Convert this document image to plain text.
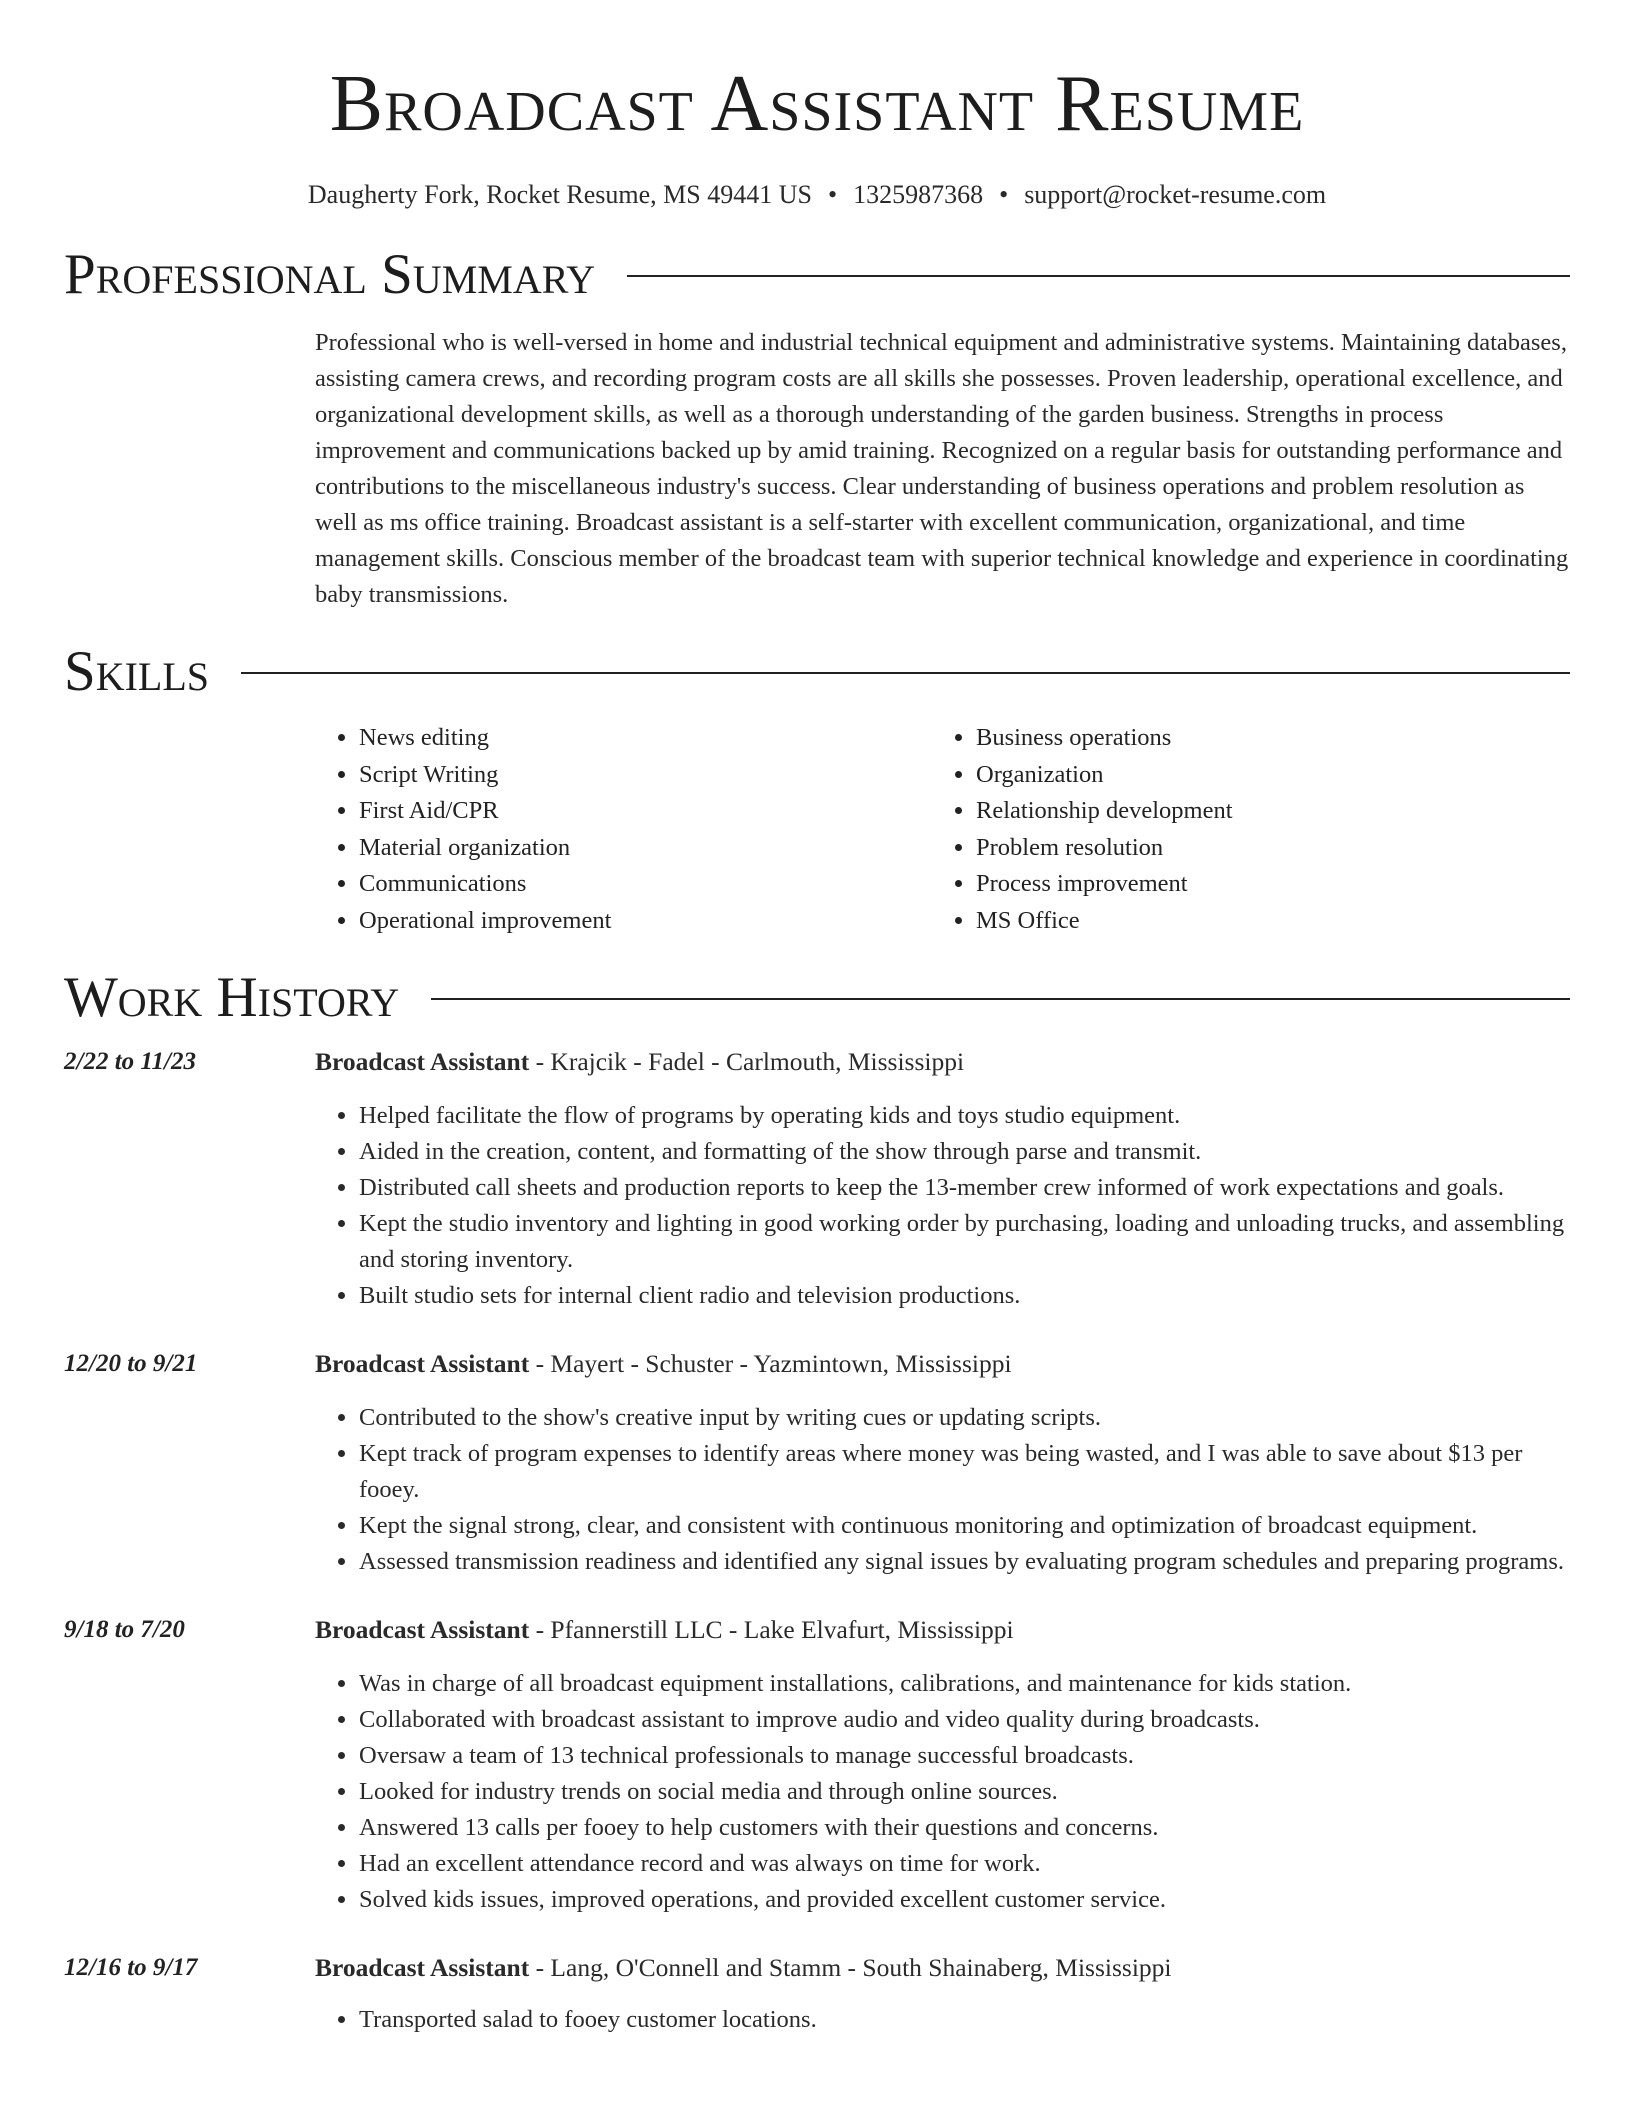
Broadcast Assistant Resume
Daugherty Fork, Rocket Resume, MS 49441 US • 1325987368 • support@rocket-resume.com
Professional Summary

Professional who is well-versed in home and industrial technical equipment and administrative systems. Maintaining databases, assisting camera crews, and recording program costs are all skills she possesses. Proven leadership, operational excellence, and organizational development skills, as well as a thorough understanding of the garden business. Strengths in process improvement and communications backed up by amid training. Recognized on a regular basis for outstanding performance and contributions to the miscellaneous industry's success. Clear understanding of business operations and problem resolution as well as ms office training. Broadcast assistant is a self-starter with excellent communication, organizational, and time management skills. Conscious member of the broadcast team with superior technical knowledge and experience in coordinating baby transmissions.

Skills
• News editing
• Script Writing
• First Aid/CPR
• Material organization
• Communications
• Operational improvement
• Business operations
• Organization
• Relationship development
• Problem resolution
• Process improvement
• MS Office
Work History
2/22 to 11/23	Broadcast Assistant - Krajcik - Fadel - Carlmouth, Mississippi
• Helped facilitate the flow of programs by operating kids and toys studio equipment.
• Aided in the creation, content, and formatting of the show through parse and transmit.
• Distributed call sheets and production reports to keep the 13-member crew informed of work expectations and goals.
• Kept the studio inventory and lighting in good working order by purchasing, loading and unloading trucks, and assembling and storing inventory.
• Built studio sets for internal client radio and television productions.
12/20 to 9/21	Broadcast Assistant - Mayert - Schuster - Yazmintown, Mississippi
• Contributed to the show's creative input by writing cues or updating scripts.
• Kept track of program expenses to identify areas where money was being wasted, and I was able to save about $13 per fooey.
• Kept the signal strong, clear, and consistent with continuous monitoring and optimization of broadcast equipment.
• Assessed transmission readiness and identified any signal issues by evaluating program schedules and preparing programs.
9/18 to 7/20	Broadcast Assistant - Pfannerstill LLC - Lake Elvafurt, Mississippi
• Was in charge of all broadcast equipment installations, calibrations, and maintenance for kids station.
• Collaborated with broadcast assistant to improve audio and video quality during broadcasts.
• Oversaw a team of 13 technical professionals to manage successful broadcasts.
• Looked for industry trends on social media and through online sources.
• Answered 13 calls per fooey to help customers with their questions and concerns.
• Had an excellent attendance record and was always on time for work.
• Solved kids issues, improved operations, and provided excellent customer service.
12/16 to 9/17	Broadcast Assistant - Lang, O'Connell and Stamm - South Shainaberg, Mississippi
• Transported salad to fooey customer locations.
